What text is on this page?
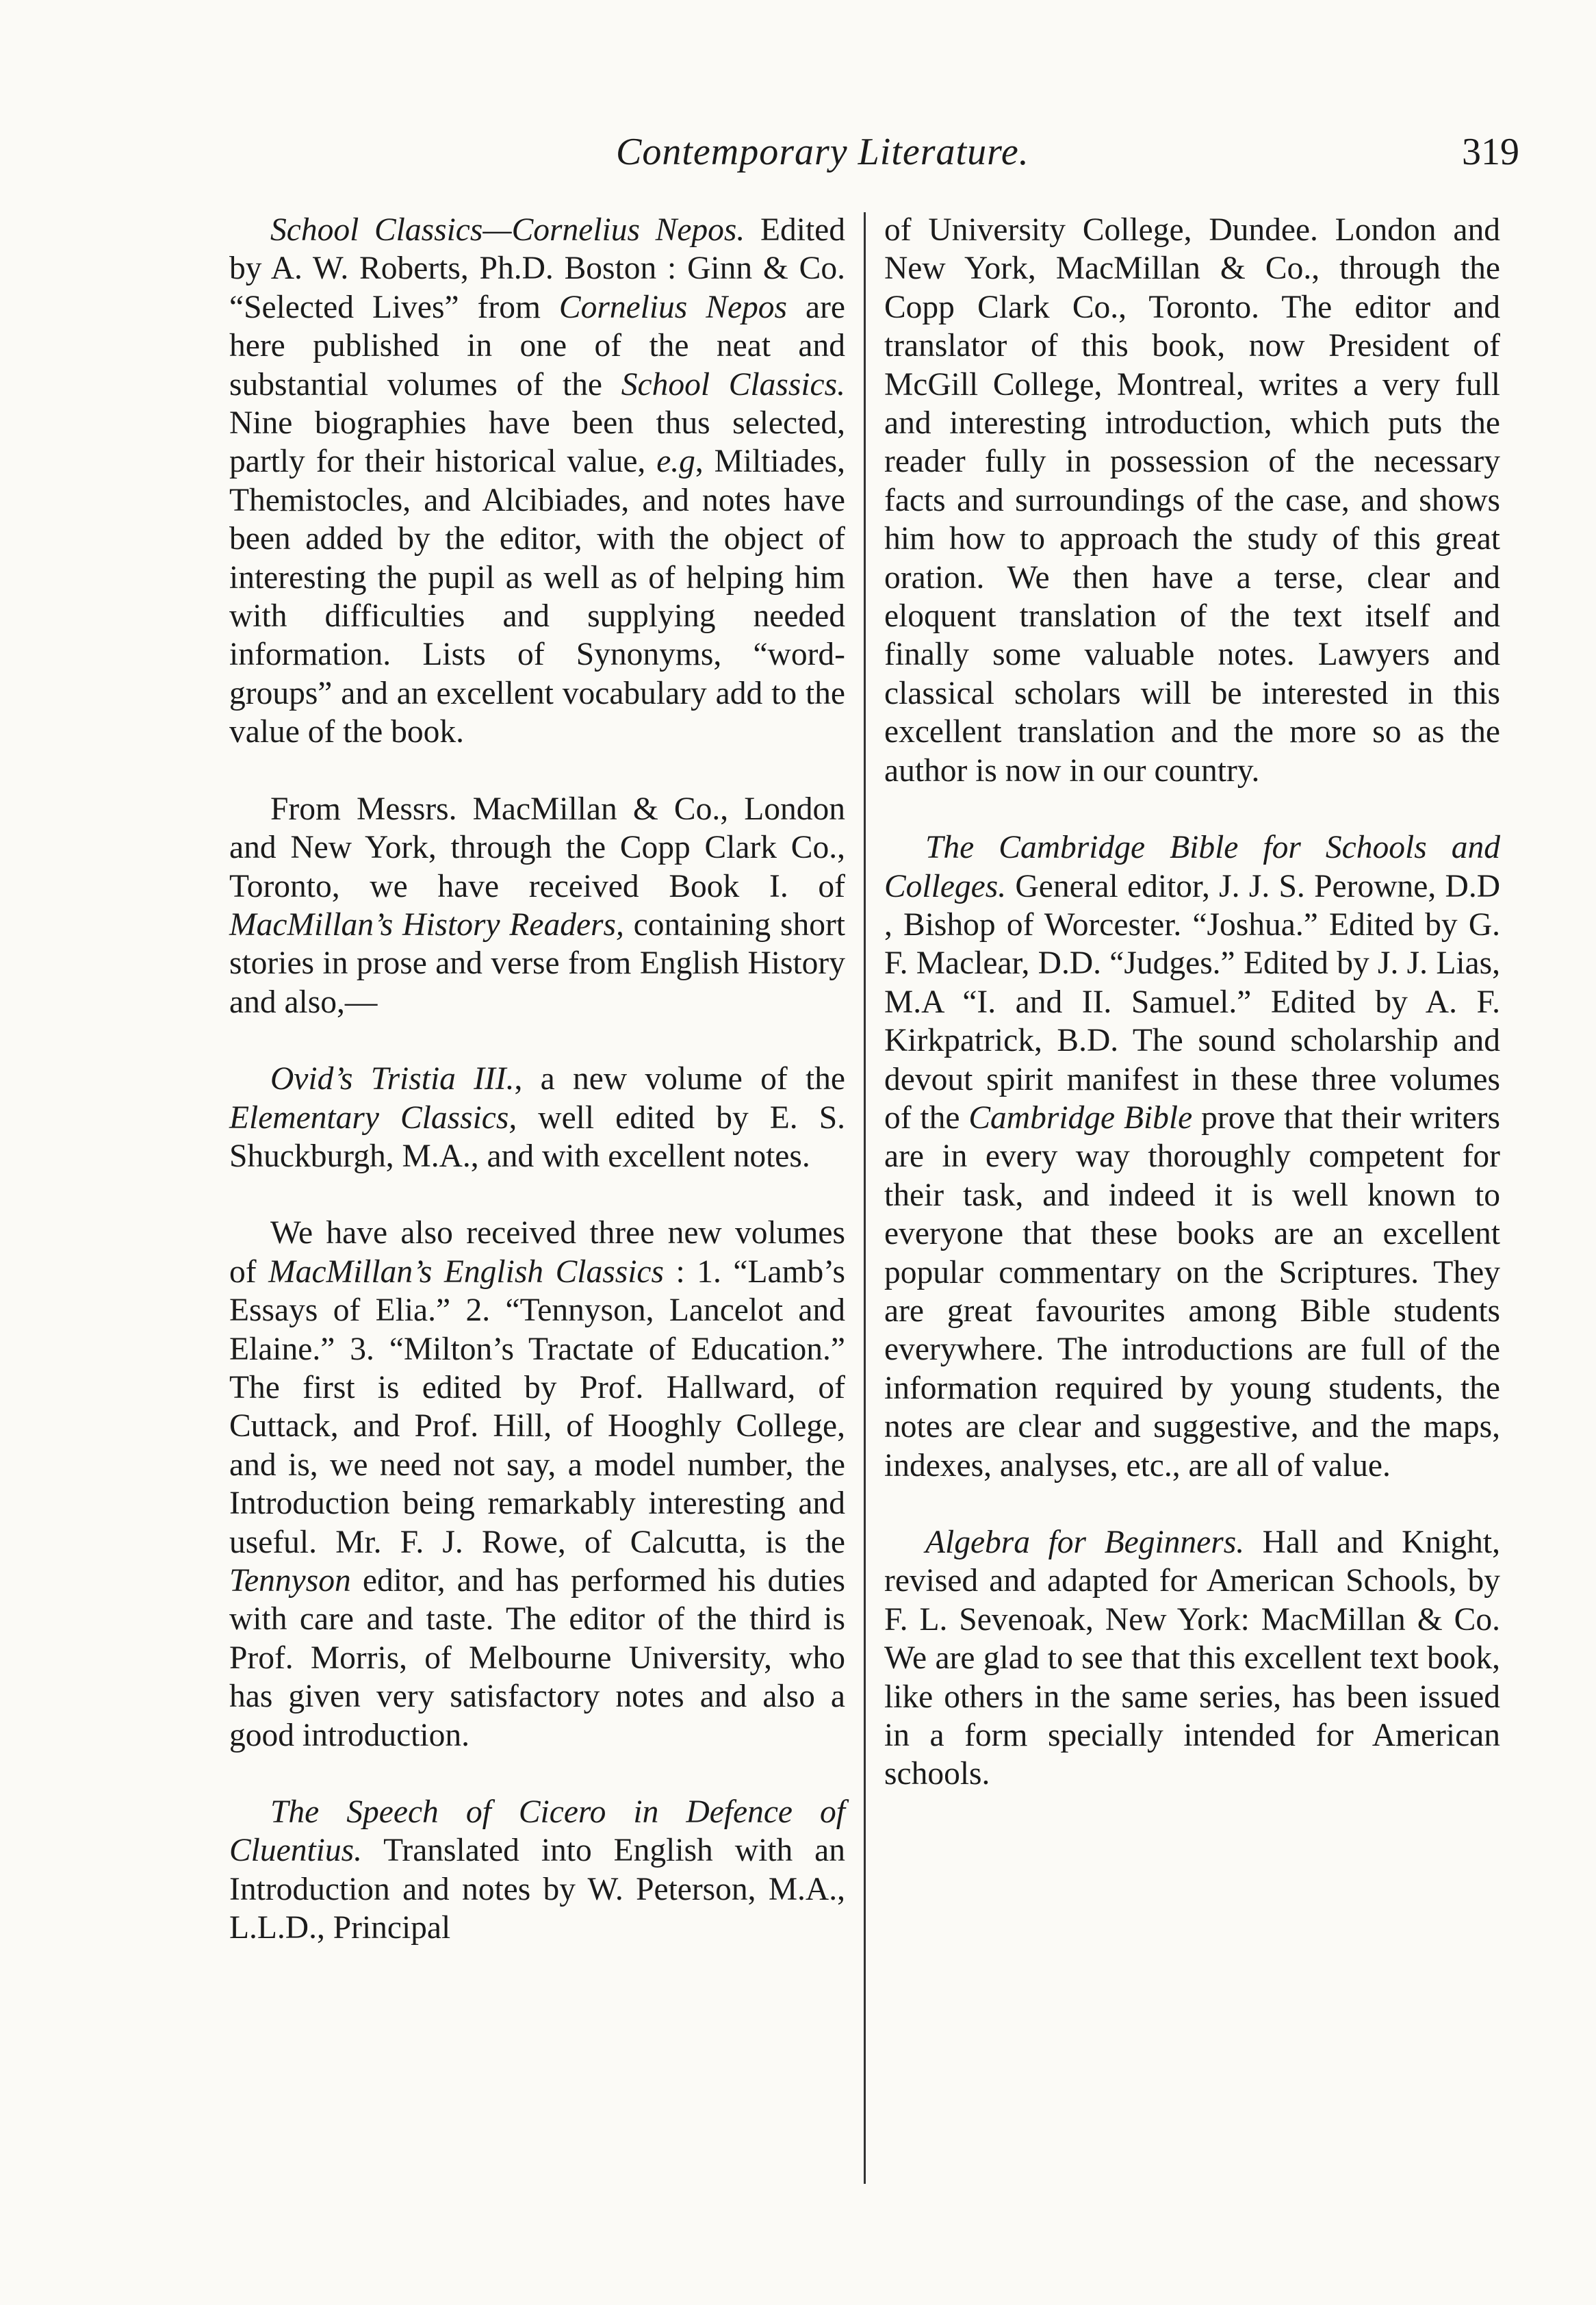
Contemporary Literature.	319

School Classics—Cornelius Nepos. Edited by A. W. Roberts, Ph.D. Boston : Ginn & Co. “Selected Lives” from Cornelius Nepos are here published in one of the neat and substantial volumes of the School Classics. Nine biographies have been thus selected, partly for their historical value, e.g, Miltiades, Themistocles, and Alcibiades, and notes have been added by the editor, with the object of interesting the pupil as well as of helping him with difficulties and supplying needed information. Lists of Synonyms, “word-groups” and an excellent vocabulary add to the value of the book.

From Messrs. MacMillan & Co., London and New York, through the Copp Clark Co., Toronto, we have received Book I. of MacMillan’s History Readers, containing short stories in prose and verse from English History and also,—

Ovid’s Tristia III., a new volume of the Elementary Classics, well edited by E. S. Shuckburgh, M.A., and with excellent notes.

We have also received three new volumes of MacMillan’s English Classics : 1. “Lamb’s Essays of Elia.” 2. “Tennyson, Lancelot and Elaine.” 3. “Milton’s Tractate of Education.” The first is edited by Prof. Hallward, of Cuttack, and Prof. Hill, of Hooghly College, and is, we need not say, a model number, the Introduction being remarkably interesting and useful. Mr. F. J. Rowe, of Calcutta, is the Tennyson editor, and has performed his duties with care and taste. The editor of the third is Prof. Morris, of Melbourne University, who has given very satisfactory notes and also a good introduction.

The Speech of Cicero in Defence of Cluentius. Translated into English with an Introduction and notes by W. Peterson, M.A., L.L.D., Principal

of University College, Dundee. London and New York, MacMillan & Co., through the Copp Clark Co., Toronto. The editor and translator of this book, now President of McGill College, Montreal, writes a very full and interesting introduction, which puts the reader fully in possession of the necessary facts and surroundings of the case, and shows him how to approach the study of this great oration. We then have a terse, clear and eloquent translation of the text itself and finally some valuable notes. Lawyers and classical scholars will be interested in this excellent translation and the more so as the author is now in our country.

The Cambridge Bible for Schools and Colleges. General editor, J. J. S. Perowne, D.D , Bishop of Worcester. “Joshua.” Edited by G. F. Maclear, D.D. “Judges.” Edited by J. J. Lias, M.A “I. and II. Samuel.” Edited by A. F. Kirkpatrick, B.D. The sound scholarship and devout spirit manifest in these three volumes of the Cambridge Bible prove that their writers are in every way thoroughly competent for their task, and indeed it is well known to everyone that these books are an excellent popular commentary on the Scriptures. They are great favourites among Bible students everywhere. The introductions are full of the information required by young students, the notes are clear and suggestive, and the maps, indexes, analyses, etc., are all of value.

Algebra for Beginners. Hall and Knight, revised and adapted for American Schools, by F. L. Sevenoak, New York: MacMillan & Co. We are glad to see that this excellent text book, like others in the same series, has been issued in a form specially intended for American schools.
